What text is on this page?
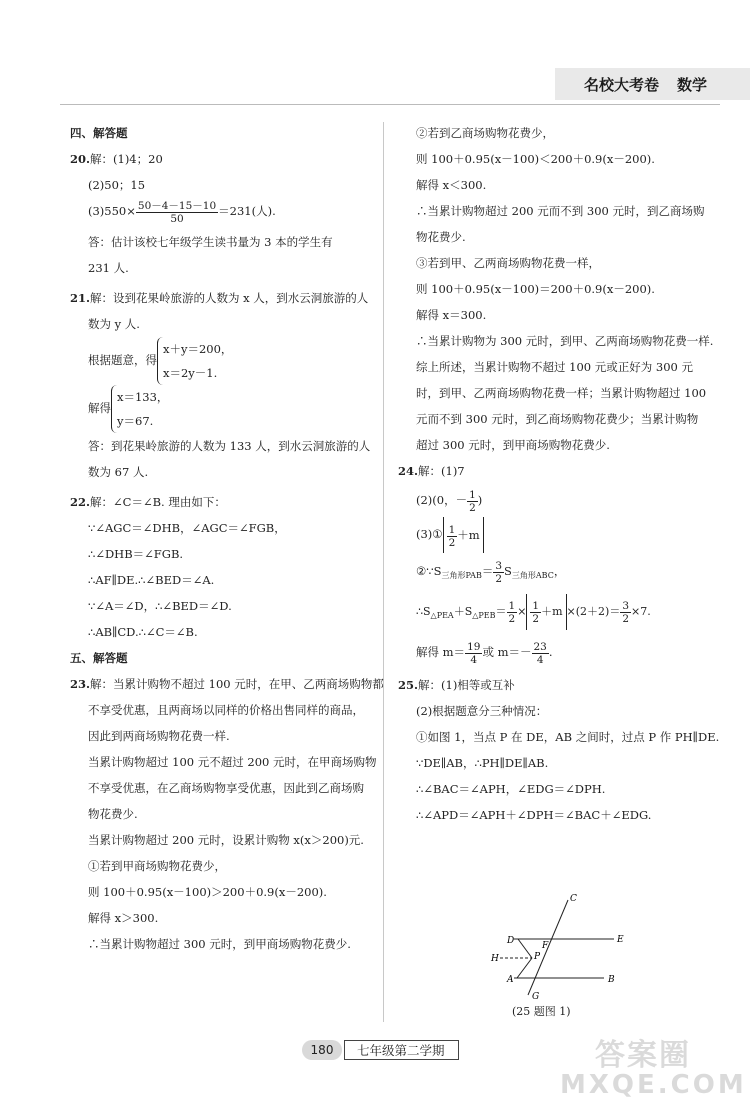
名校大考卷 数学
四、解答题
20.解：(1)4；20
(2)50；15
$(3)550\times \frac{50-4-15-10}{50} =231$(人).
答：估计该校七年级学生读书量为 3 本的学生有
231 人.
21.解：设到花果岭旅游的人数为 x 人，到水云洞旅游的人
数为 y 人.
根据题意，得
x＋y＝200，
x＝2y－1.
解得
x＝133，
y＝67.
答：到花果岭旅游的人数为 133 人，到水云洞旅游的人
数为 67 人.
22.解：∠C＝∠B. 理由如下：
∵∠AGC＝∠DHB，∠AGC＝∠FGB，
∴∠DHB＝∠FGB.
∴AF∥DE.∴∠BED＝∠A.
∵∠A＝∠D，∴∠BED＝∠D.
∴AB∥CD.∴∠C＝∠B.
五、解答题
23.解：当累计购物不超过 100 元时，在甲、乙两商场购物都
不享受优惠，且两商场以同样的价格出售同样的商品，
因此到两商场购物花费一样.
当累计购物超过 100 元不超过 200 元时，在甲商场购物
不享受优惠，在乙商场购物享受优惠，因此到乙商场购
物花费少.
当累计购物超过 200 元时，设累计购物 x(x＞200)元.
①若到甲商场购物花费少，
则 100＋0.95(x－100)＞200＋0.9(x－200).
解得 x＞300.
∴当累计购物超过 300 元时，到甲商场购物花费少.
②若到乙商场购物花费少，
则 100＋0.95(x－100)＜200＋0.9(x－200).
解得 x＜300.
∴当累计购物超过 200 元而不到 300 元时，到乙商场购
物花费少.
③若到甲、乙两商场购物花费一样，
则 100＋0.95(x－100)＝200＋0.9(x－200).
解得 x＝300.
∴当累计购物为 300 元时，到甲、乙两商场购物花费一样.
综上所述，当累计购物不超过 100 元或正好为 300 元
时，到甲、乙两商场购物花费一样；当累计购物超过 100
元而不到 300 元时，到乙商场购物花费少；当累计购物
超过 300 元时，到甲商场购物花费少.
24.解：(1)7
(2)(0，－ $\frac{1}{2}$ )
(3)① $\frac{1}{2} +m$
$②\because S_{三角形PAB}= \frac{3}{2} S_{三角形ABC}$，
$\therefore S_{\triangle PEA}+S_{\triangle PEB}= \frac{1}{2} \times \frac{1}{2} +m \times(2+2)= \frac{3}{2} \times 7$.
解得 $m= \frac{19}{4}$ 或 $m=- \frac{23}{4}$ .
25.解：(1)相等或互补
(2)根据题意分三种情况：
①如图 1，当点 P 在 DE，AB 之间时，过点 P 作 PH∥DE.
∵DE∥AB，∴PH∥DE∥AB.
∴∠BAC＝∠APH，∠EDG＝∠DPH.
∴∠APD＝∠APH＋∠DPH＝∠BAC＋∠EDG.
C
D	F
E
H	P
A	B
G
(25 题图 1)
180	七年级第二学期	答案圈
MXQE.COM
